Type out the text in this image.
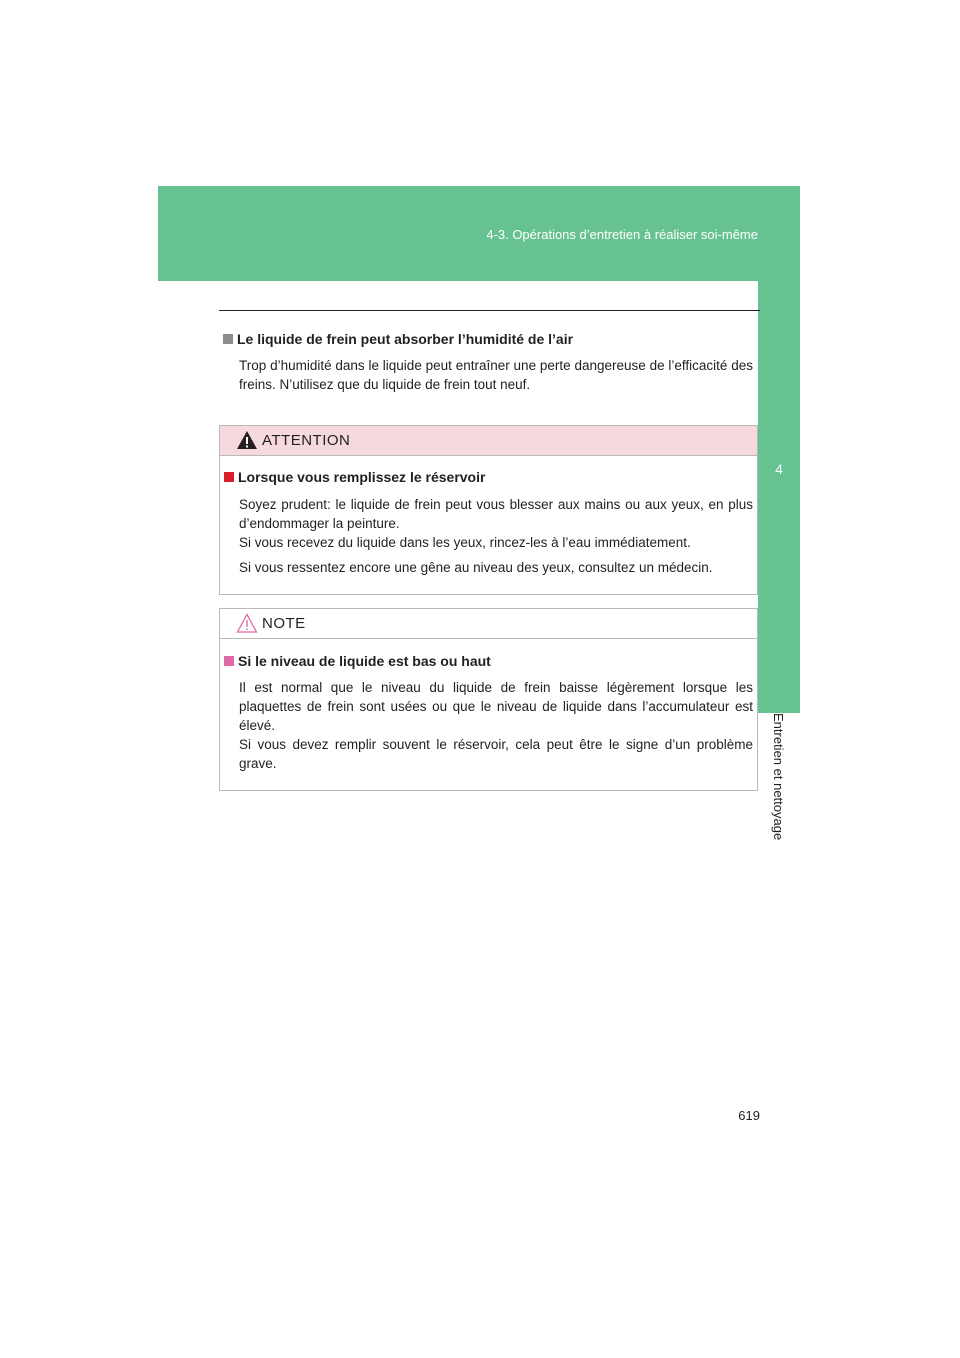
4-3. Opérations d’entretien à réaliser soi-même
4
Entretien et nettoyage
Le liquide de frein peut absorber l’humidité de l’air
Trop d’humidité dans le liquide peut entraîner une perte dangereuse de l’efficacité des freins. N’utilisez que du liquide de frein tout neuf.
ATTENTION
Lorsque vous remplissez le réservoir
Soyez prudent: le liquide de frein peut vous blesser aux mains ou aux yeux, en plus d’endommager la peinture.
Si vous recevez du liquide dans les yeux, rincez-les à l’eau immédiatement.
Si vous ressentez encore une gêne au niveau des yeux, consultez un médecin.
NOTE
Si le niveau de liquide est bas ou haut
Il est normal que le niveau du liquide de frein baisse légèrement lorsque les plaquettes de frein sont usées ou que le niveau de liquide dans l’accumulateur est élevé.
Si vous devez remplir souvent le réservoir, cela peut être le signe d’un problème grave.
619
